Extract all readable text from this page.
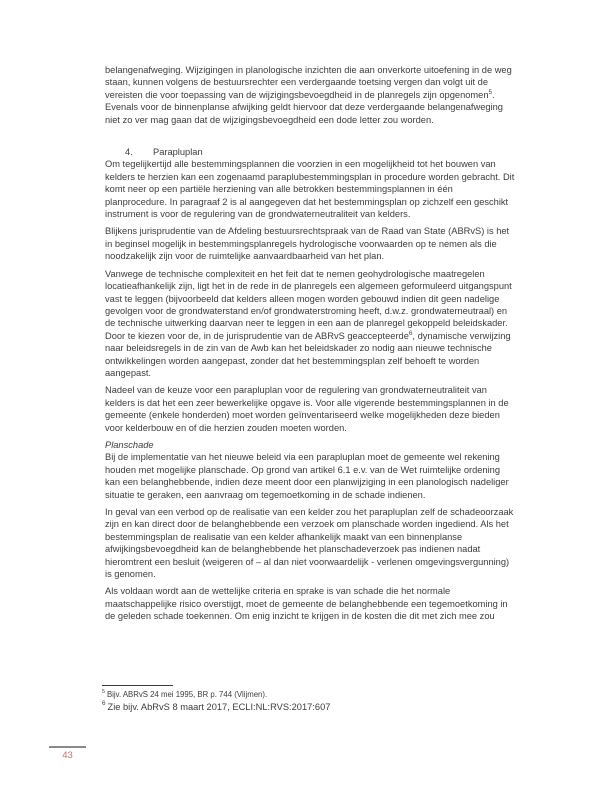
belangenafweging. Wijzigingen in planologische inzichten die aan onverkorte uitoefening in de weg staan, kunnen volgens de bestuursrechter een verdergaande toetsing vergen dan volgt uit de vereisten die voor toepassing van de wijzigingsbevoegdheid in de planregels zijn opgenomen$^5$. Evenals voor de binnenplanse afwijking geldt hiervoor dat deze verdergaande belangenafweging niet zo ver mag gaan dat de wijzigingsbevoegdheid een dode letter zou worden.

4. Parapluplan

Om tegelijkertijd alle bestemmingsplannen die voorzien in een mogelijkheid tot het bouwen van kelders te herzien kan een zogenaamd paraplubestemmingsplan in procedure worden gebracht. Dit komt neer op een partiële herziening van alle betrokken bestemmingsplannen in één planprocedure. In paragraaf 2 is al aangegeven dat het bestemmingsplan op zichzelf een geschikt instrument is voor de regulering van de grondwaterneutraliteit van kelders.

Blijkens jurisprudentie van de Afdeling bestuursrechtspraak van de Raad van State (ABRvS) is het in beginsel mogelijk in bestemmingsplanregels hydrologische voorwaarden op te nemen als die noodzakelijk zijn voor de ruimtelijke aanvaardbaarheid van het plan.

Vanwege de technische complexiteit en het feit dat te nemen geohydrologische maatregelen locatieafhankelijk zijn, ligt het in de rede in de planregels een algemeen geformuleerd uitgangspunt vast te leggen (bijvoorbeeld dat kelders alleen mogen worden gebouwd indien dit geen nadelige gevolgen voor de grondwaterstand en/of grondwaterstroming heeft, d.w.z. grondwaterneutraal) en de technische uitwerking daarvan neer te leggen in een aan de planregel gekoppeld beleidskader. Door te kiezen voor de, in de jurisprudentie van de ABRvS geaccepteerde$^6$, dynamische verwijzing naar beleidsregels in de zin van de Awb kan het beleidskader zo nodig aan nieuwe technische ontwikkelingen worden aangepast, zonder dat het bestemmingsplan zelf behoeft te worden aangepast.

Nadeel van de keuze voor een parapluplan voor de regulering van grondwaterneutraliteit van kelders is dat het een zeer bewerkelijke opgave is. Voor alle vigerende bestemmingsplannen in de gemeente (enkele honderden) moet worden geïnventariseerd welke mogelijkheden deze bieden voor kelderbouw en of die herzien zouden moeten worden.

Planschade
Bij de implementatie van het nieuwe beleid via een parapluplan moet de gemeente wel rekening houden met mogelijke planschade. Op grond van artikel 6.1 e.v. van de Wet ruimtelijke ordening kan een belanghebbende, indien deze meent door een planwijziging in een planologisch nadeliger situatie te geraken, een aanvraag om tegemoetkoming in de schade indienen.

In geval van een verbod op de realisatie van een kelder zou het parapluplan zelf de schadeoorzaak zijn en kan direct door de belanghebbende een verzoek om planschade worden ingediend. Als het bestemmingsplan de realisatie van een kelder afhankelijk maakt van een binnenplanse afwijkingsbevoegdheid kan de belanghebbende het planschadeverzoek pas indienen nadat hieromtrent een besluit (weigeren of – al dan niet voorwaardelijk - verlenen omgevingsvergunning) is genomen.

Als voldaan wordt aan de wettelijke criteria en sprake is van schade die het normale maatschappelijke risico overstijgt, moet de gemeente de belanghebbende een tegemoetkoming in de geleden schade toekennen. Om enig inzicht te krijgen in de kosten die dit met zich mee zou

$^5$ Bijv. ABRvS 24 mei 1995, BR p. 744 (Vlijmen).
$^6$ Zie bijv. AbRvS 8 maart 2017, ECLI:NL:RVS:2017:607
43
